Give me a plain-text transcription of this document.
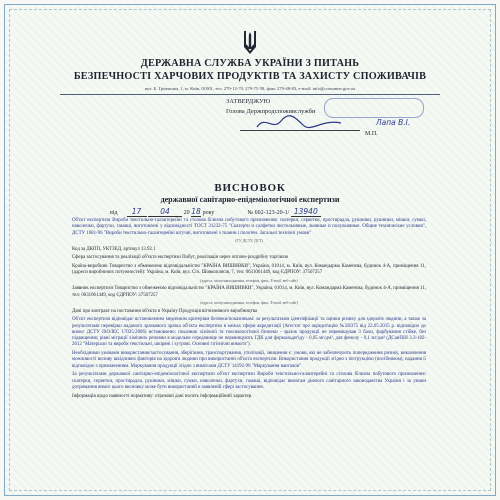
ДЕРЖАВНА СЛУЖБА УКРАЇНИ З ПИТАНЬ
БЕЗПЕЧНОСТІ ХАРЧОВИХ ПРОДУКТІВ ТА ЗАХИСТУ СПОЖИВАЧІВ
вул. Б. Грінченка, 1, м. Київ, 01001, тел. 279-12-70, 279-75-58, факс 279-48-83, e-mail: info@consumer.gov.ua
ЗАТВЕРДЖУЮ
Голова Держпродспоживслужби
Лапа В.І.
М.П.
ВИСНОВОК
державної санітарно-епідеміологічної експертизи
від 17	04 20 18 року	№ 602-123-20-1/ 13940

Об'єкт експертизи Вироби текстильно-галантерейні та столова білизна побутового призначення: скатерки, серветки, простирадла, рушники, рушники, мішки, сумки, наволочки, фартухи, гамаші, виготовлені у відповідності ТОСТ 31232-75 "Скатерти и салфетки чистольняные, льняные и полульняные. Общие технические условия", ДСТУ 1681-96 "Вироби текстильно-галантерейні штучні, виготовлені з тканин і полотен. Загальні технічні умови"

(ТУ, ДСТУ, ДСТ)

Код за ДКПП, УКТЗЕД, артикул 13.92.1

Сфера застосування та реалізації об'єкта експертизи Побут, реалізація через оптово-роздрібну торгівлю

Країна-виробник Товариство з обмеженою відповідальністю "КРАЇНА ВИШИВКИ", Україна, 01014, м. Київ, вул. Командарма Каменєва, будинок 4-А, приміщення 11, (адреси виробничих потужностей): Україна, м. Київ, вул. Січ. Шовкоплясів, 7, тел: 0631061449, код ЄДРПОУ: 37507257

(адреса, місцезнаходження, телефон, факс, E-mail, веб-сайт)

Заявник експертизи Товариство з обмеженою відповідальністю "КРАЇНА ВИШИВКИ", Україна, 01014, м. Київ, вул. Командарма Каменєва, будинок 4-А, приміщення 11, тел: 0631061449, код ЄДРПОУ: 37507257

(адреса, місцезнаходження, телефон, факс, E-mail, веб-сайт)

Дані про контракт на постачання об'єкта в Україну Продукція вітчизняного виробництва

Об'єкт експертизи відповідає встановленим медичним критеріям безпеки/показникам: за результатами ідентифікації та оцінки ризику для здоров'я людини, а також за результатами перевірки наданого зразкового зразка об'єкта експертизи в межах сфери акредитації (Атестат про акредитацію №2Н375 від 22.05.2015 р. відповідно до вимог ДСТУ ISO/IEC 17025:2006) встановлено: показник хімічної та токсикологічної безпеки - зразок продукції не перевищував 3 бали, фарбування стійке, без підвищення; рівні міграції хімічних речовин в модельне середовище не перевищують ГДК для формальдегіду - 0,05 мг/дм³, для фенолу - 0,1 мг/дм³ (ДСанПіН 3.3-182-2012 "Матеріали та вироби текстильні, шкіряні і хутрові. Основні гігієнічні вимоги").

Необхідними умовами використання/застосування, зберігання, транспортування, утилізації, знищення є: умови, які не забезпечують попередження ризику, виключення можливості впливу шкідливих факторів на здоров'я людини при використанні об'єкта експертизи. Використання продукції згідно з інструкцією (посібником), надання її відповідно з призначенням. Маркування продукції згідно з вимогами ДСТУ 14192-96 "Маркування вантажів"

За результатами державної санітарно-епідеміологічної експертизи об'єкт експертизи Вироби текстильно-галантерейні та столова білизна побутового призначення: скатерки, серветки, простирадла, рушники, мішки, сумки, наволочки, фартухи, гамаші, відповідає вимогам діючого санітарного законодавства України і за умови дотримання вимог цього висновку може бути використаний в заявленій сфері застосування.

Інформація щодо наявності нормативу: отримані дані носять інформаційний характер.
